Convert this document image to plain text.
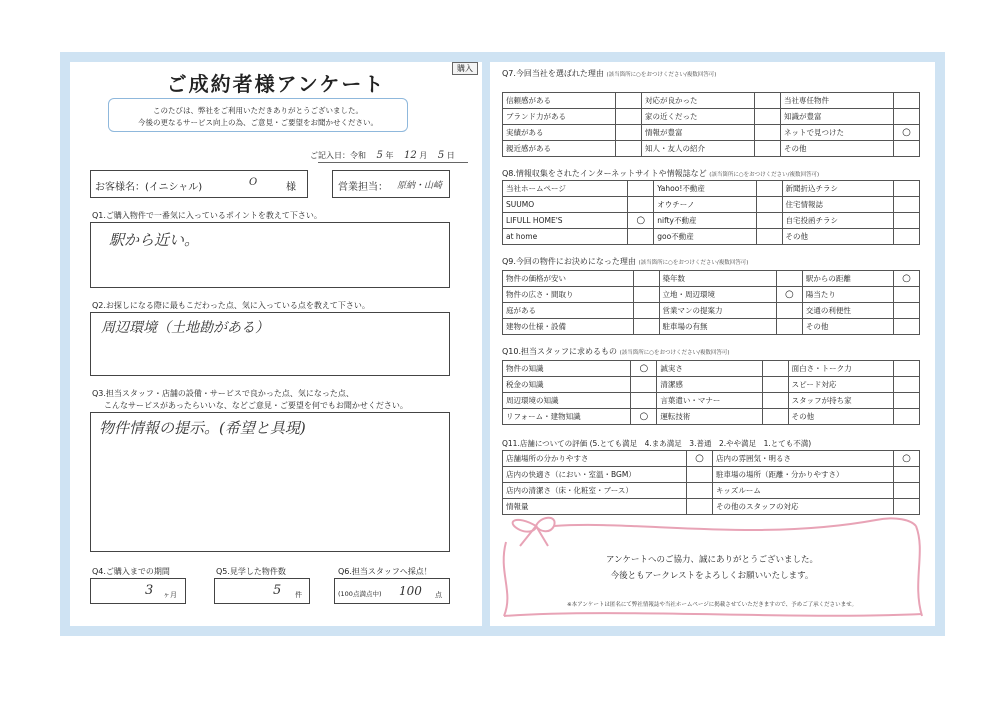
ご成約者様アンケート
購入
このたびは、弊社をご利用いただきありがとうございました。
今後の更なるサービス向上の為、ご意見・ご要望をお聞かせください。
ご記入日：令和 5 年 12 月 5 日
お客様名：(イニシャル)	O	様	営業担当： 原納・山崎
Q1.ご購入物件で一番気に入っているポイントを教えて下さい。
駅から近い。
Q2.お探しになる際に最もこだわった点、気に入っている点を教えて下さい。
周辺環境（土地勘がある）
Q3.担当スタッフ・店舗の設備・サービスで良かった点、気になった点、
こんなサービスがあったらいいな、などご意見・ご要望を何でもお聞かせください。
物件情報の提示。(希望と具現)
Q4.ご購入までの期間
3 ヶ月
Q5.見学した物件数
5 件
Q6.担当スタッフへ採点！
(100点満点中) 100 点
Q7.今回当社を選ばれた理由 (該当箇所に○をおつけください/複数回答可)
信頼感がある		対応が良かった		当社専任物件	
ブランド力がある		家の近くだった		知識が豊富	
実績がある		情報が豊富		ネットで見つけた	○
親近感がある		知人・友人の紹介		その他	
Q8.情報収集をされたインターネットサイトや情報誌など (該当箇所に○をおつけください/複数回答可)
当社ホームページ		Yahoo!不動産		新聞折込チラシ	
SUUMO		オウチーノ		住宅情報誌	
LIFULL HOME'S	○	nifty不動産		自宅投函チラシ	
at home		goo不動産		その他	
Q9.今回の物件にお決めになった理由 (該当箇所に○をおつけください/複数回答可)
物件の価格が安い		築年数		駅からの距離	○
物件の広さ・間取り		立地・周辺環境	○	陽当たり	
庭がある		営業マンの提案力		交通の利便性	
建物の仕様・設備		駐車場の有無		その他	
Q10.担当スタッフに求めるもの (該当箇所に○をおつけください/複数回答可)
物件の知識	○	誠実さ		面白さ・トーク力	
税金の知識		清潔感		スピード対応	
周辺環境の知識		言葉遣い・マナー		スタッフが持ち家	
リフォーム・建物知識	○	運転技術		その他	
Q11.店舗についての評価 (5.とても満足　4.まあ満足　3.普通　2.やや満足　1.とても不満)
店舗場所の分かりやすさ	○	店内の雰囲気・明るさ	○
店内の快適さ（におい・室温・BGM）		駐車場の場所（距離・分かりやすさ）	
店内の清潔さ（床・化粧室・ブース）		キッズルーム	
情報量		その他のスタッフの対応	
アンケートへのご協力、誠にありがとうございました。
今後ともアークレストをよろしくお願いいたします。
※本アンケートは匿名にて弊社情報誌や当社ホームページに掲載させていただきますので、予めご了承くださいませ。
